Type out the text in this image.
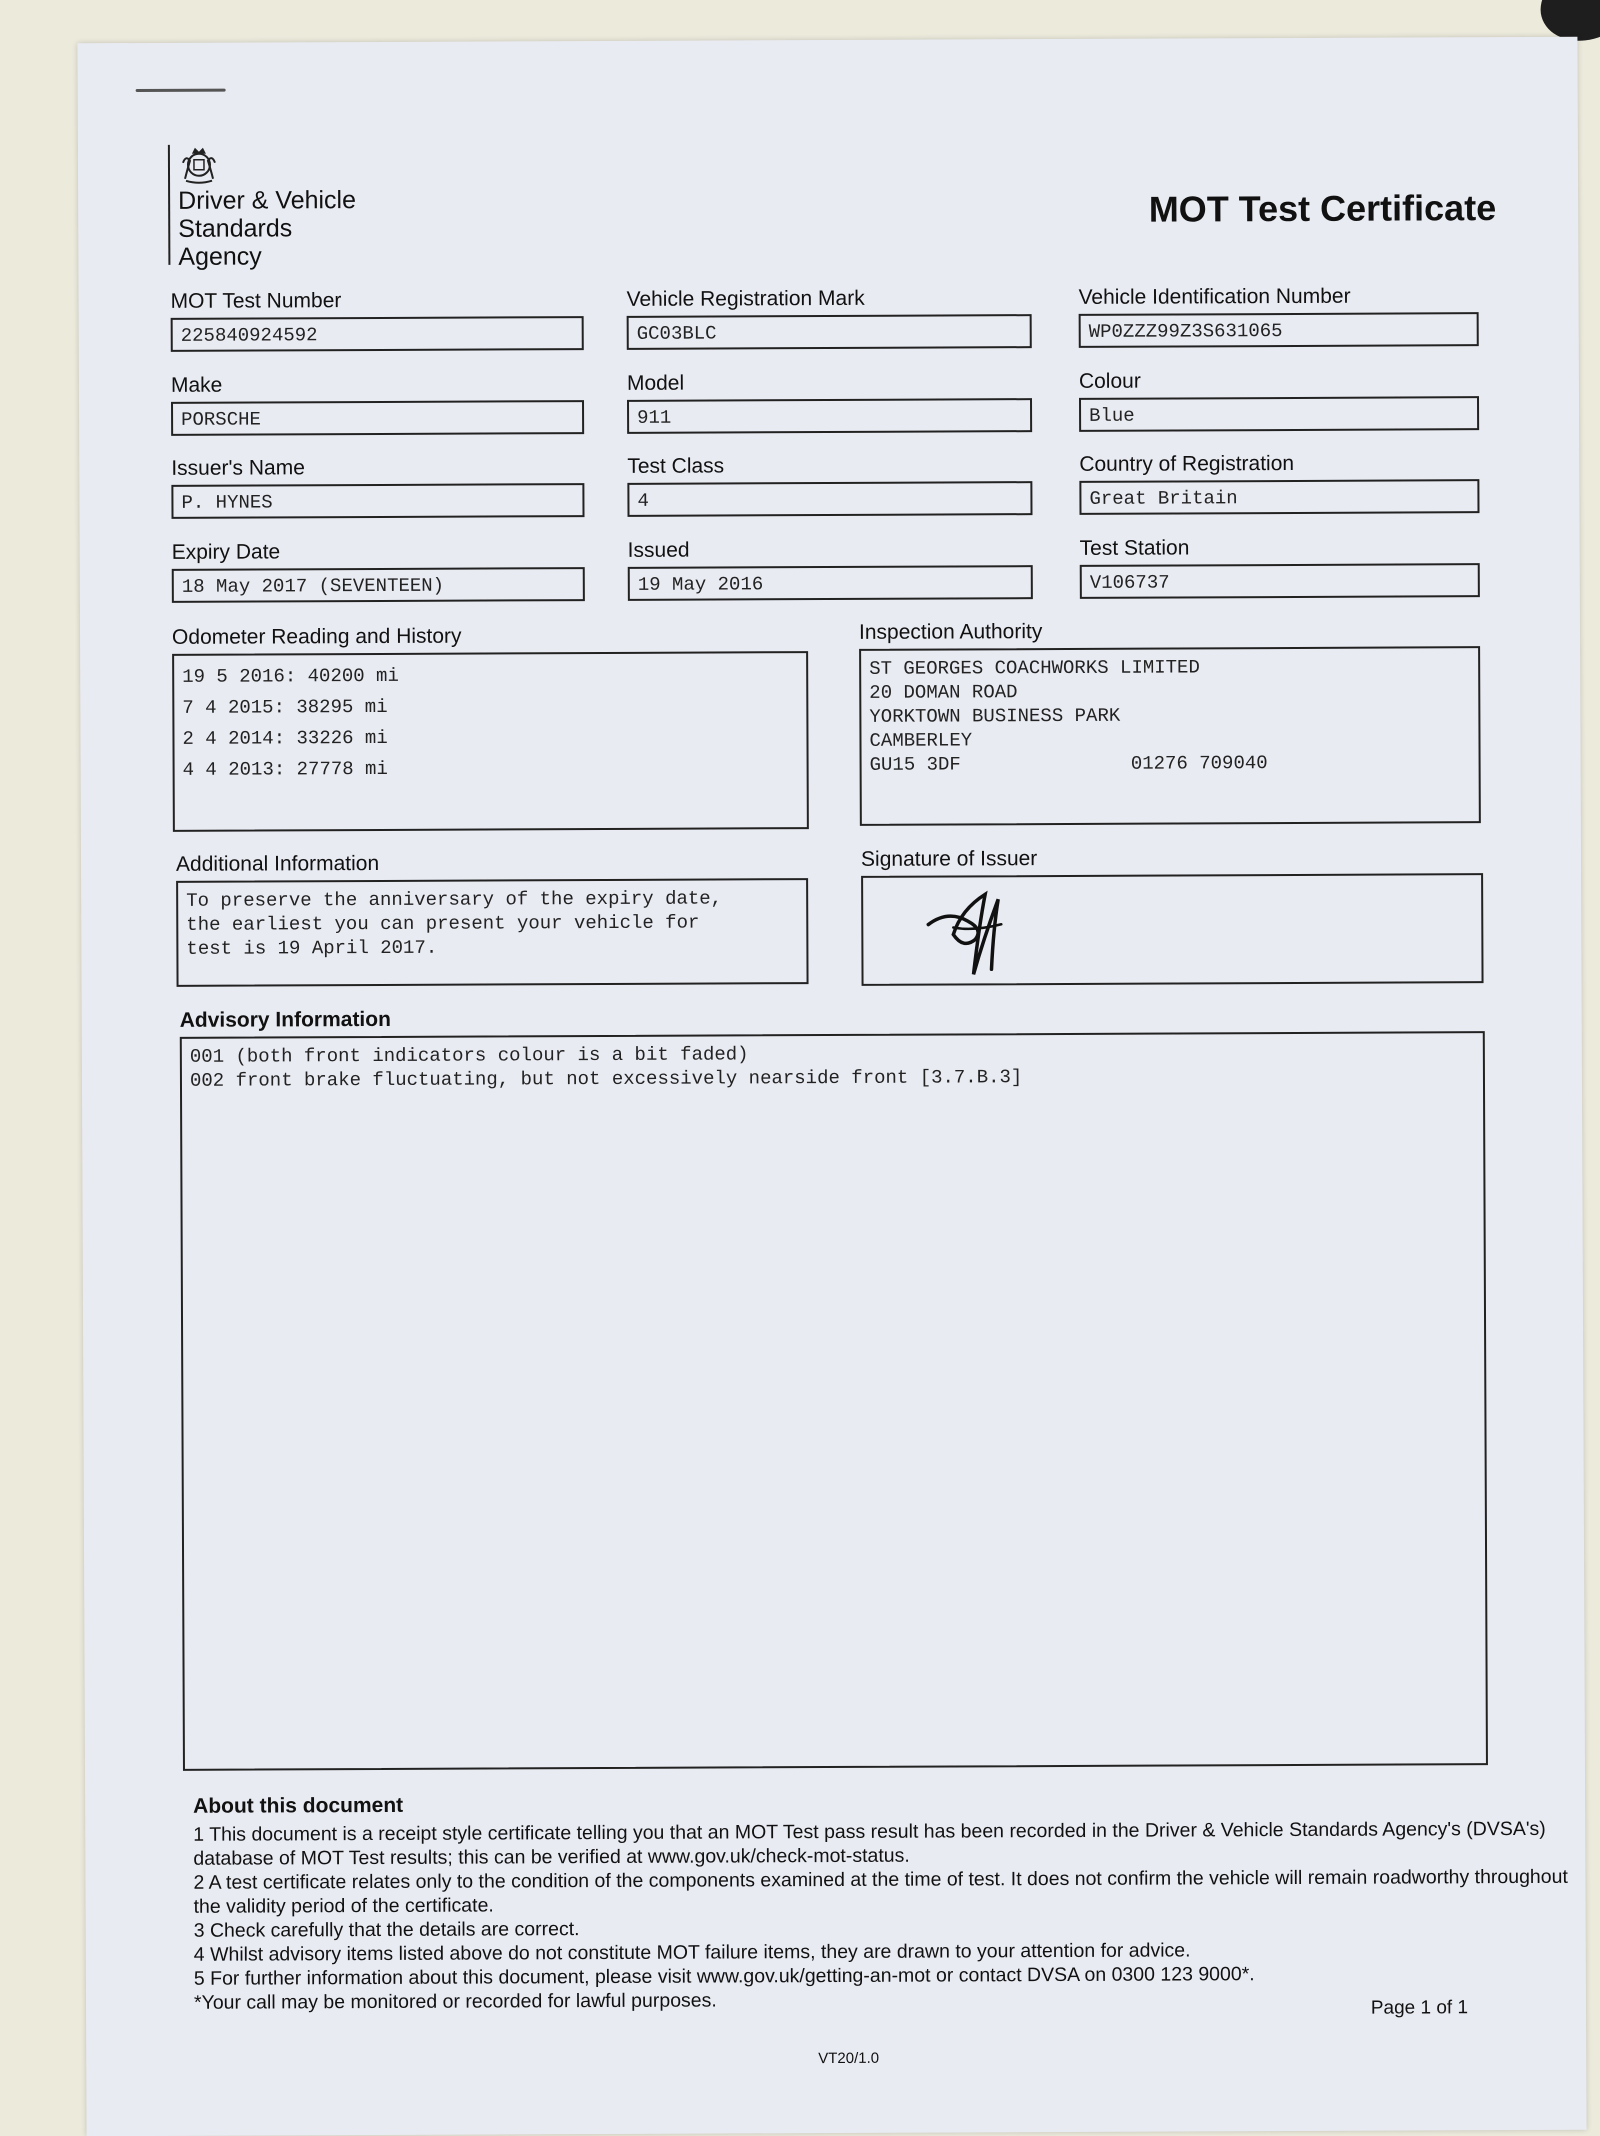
Driver & Vehicle
Standards
Agency
MOT Test Certificate
MOT Test Number
225840924592
Vehicle Registration Mark
GC03BLC
Vehicle Identification Number
WP0ZZZ99Z3S631065
Make
PORSCHE
Model
911
Colour
Blue
Issuer's Name
P. HYNES
Test Class
4
Country of Registration
Great Britain
Expiry Date
18 May 2017 (SEVENTEEN)
Issued
19 May 2016
Test Station
V106737
Odometer Reading and History
19 5 2016: 40200 mi
7 4 2015: 38295 mi
2 4 2014: 33226 mi
4 4 2013: 27778 mi
Inspection Authority
ST GEORGES COACHWORKS LIMITED
20 DOMAN ROAD
YORKTOWN BUSINESS PARK
CAMBERLEY
GU15 3DF	01276 709040
Additional Information
To preserve the anniversary of the expiry date,
the earliest you can present your vehicle for
test is 19 April 2017.
Signature of Issuer
Advisory Information
001 (both front indicators colour is a bit faded)
002 front brake fluctuating, but not excessively nearside front [3.7.B.3]
About this document

1 This document is a receipt style certificate telling you that an MOT Test pass result has been recorded in the Driver & Vehicle Standards Agency's (DVSA's) database of MOT Test results; this can be verified at www.gov.uk/check-mot-status.

2 A test certificate relates only to the condition of the components examined at the time of test. It does not confirm the vehicle will remain roadworthy throughout the validity period of the certificate.

3 Check carefully that the details are correct.

4 Whilst advisory items listed above do not constitute MOT failure items, they are drawn to your attention for advice.

5 For further information about this document, please visit www.gov.uk/getting-an-mot or contact DVSA on 0300 123 9000*.

*Your call may be monitored or recorded for lawful purposes.	Page 1 of 1
VT20/1.0
